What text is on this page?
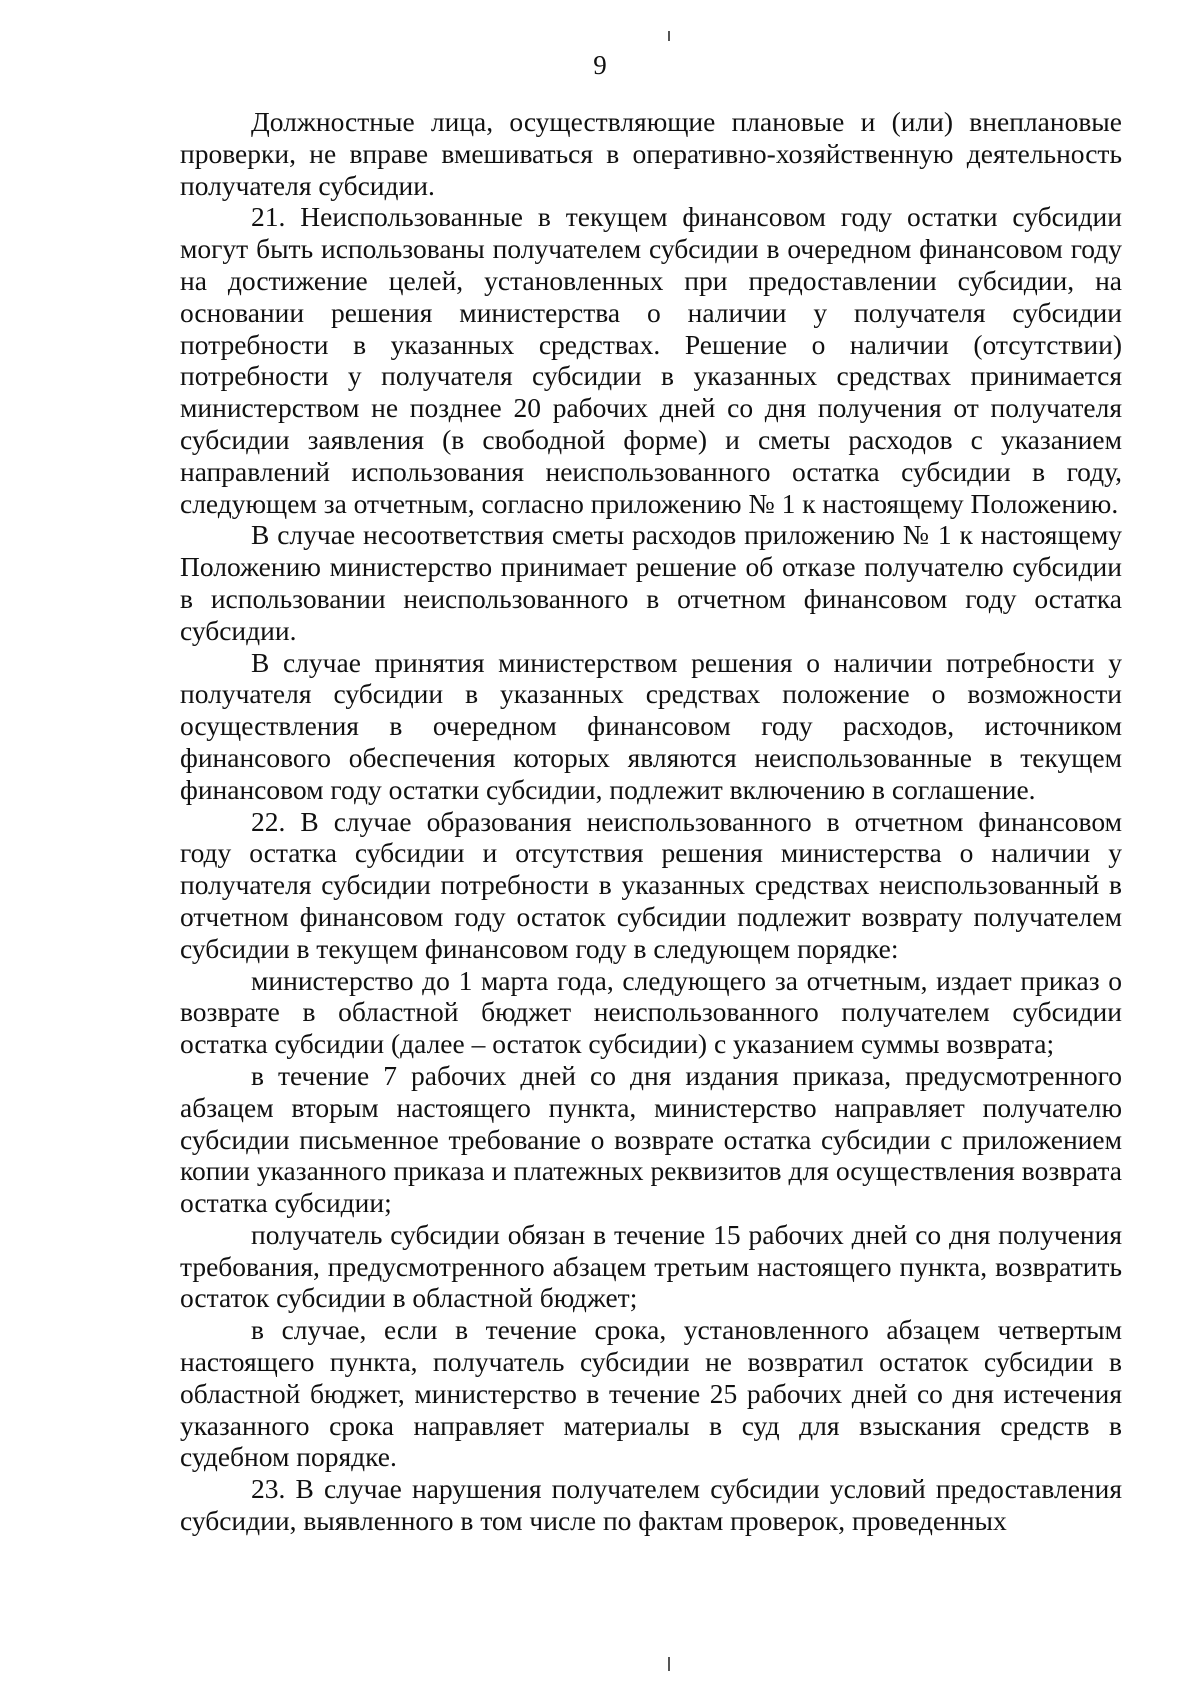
9

Должностные лица, осуществляющие плановые и (или) внеплановые проверки, не вправе вмешиваться в оперативно-хозяйственную деятельность получателя субсидии.

21. Неиспользованные в текущем финансовом году остатки субсидии могут быть использованы получателем субсидии в очередном финансовом году на достижение целей, установленных при предоставлении субсидии, на основании решения министерства о наличии у получателя субсидии потребности в указанных средствах. Решение о наличии (отсутствии) потребности у получателя субсидии в указанных средствах принимается министерством не позднее 20 рабочих дней со дня получения от получателя субсидии заявления (в свободной форме) и сметы расходов с указанием направлений использования неиспользованного остатка субсидии в году, следующем за отчетным, согласно приложению № 1 к настоящему Положению.

В случае несоответствия сметы расходов приложению № 1 к настоящему Положению министерство принимает решение об отказе получателю субсидии в использовании неиспользованного в отчетном финансовом году остатка субсидии.

В случае принятия министерством решения о наличии потребности у получателя субсидии в указанных средствах положение о возможности осуществления в очередном финансовом году расходов, источником финансового обеспечения которых являются неиспользованные в текущем финансовом году остатки субсидии, подлежит включению в соглашение.

22. В случае образования неиспользованного в отчетном финансовом году остатка субсидии и отсутствия решения министерства о наличии у получателя субсидии потребности в указанных средствах неиспользованный в отчетном финансовом году остаток субсидии подлежит возврату получателем субсидии в текущем финансовом году в следующем порядке:

министерство до 1 марта года, следующего за отчетным, издает приказ о возврате в областной бюджет неиспользованного получателем субсидии остатка субсидии (далее – остаток субсидии) с указанием суммы возврата;

в течение 7 рабочих дней со дня издания приказа, предусмотренного абзацем вторым настоящего пункта, министерство направляет получателю субсидии письменное требование о возврате остатка субсидии с приложением копии указанного приказа и платежных реквизитов для осуществления возврата остатка субсидии;

получатель субсидии обязан в течение 15 рабочих дней со дня получения требования, предусмотренного абзацем третьим настоящего пункта, возвратить остаток субсидии в областной бюджет;

в случае, если в течение срока, установленного абзацем четвертым настоящего пункта, получатель субсидии не возвратил остаток субсидии в областной бюджет, министерство в течение 25 рабочих дней со дня истечения указанного срока направляет материалы в суд для взыскания средств в судебном порядке.

23. В случае нарушения получателем субсидии условий предоставления субсидии, выявленного в том числе по фактам проверок, проведенных
